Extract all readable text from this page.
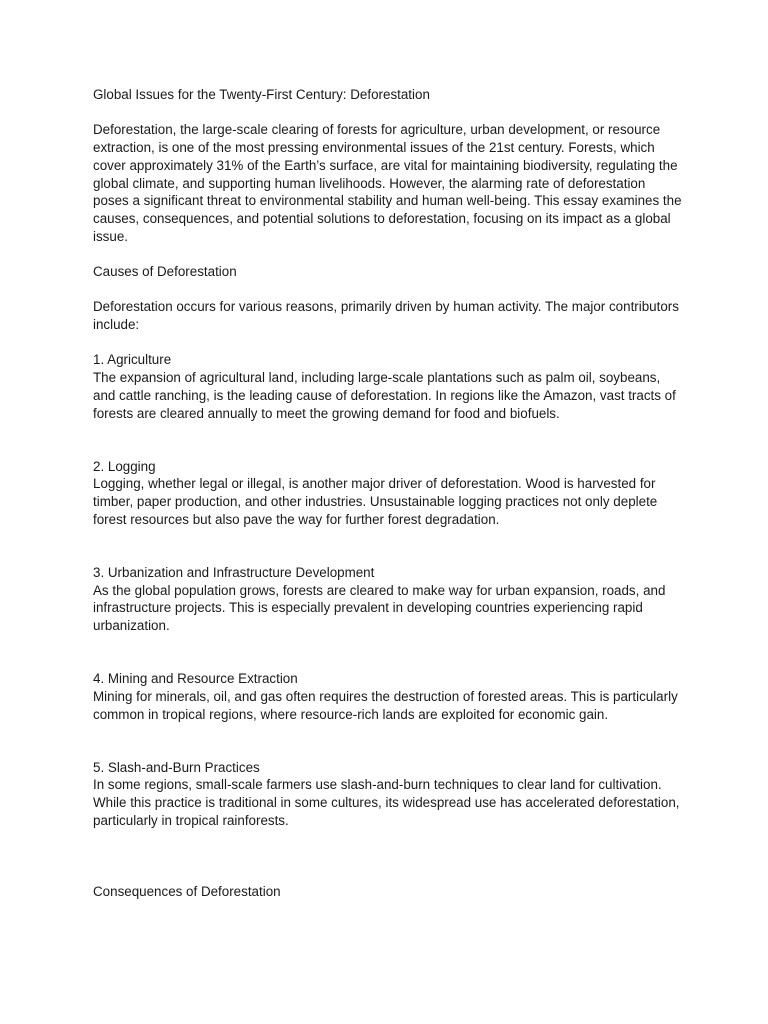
Global Issues for the Twenty-First Century: Deforestation

Deforestation, the large-scale clearing of forests for agriculture, urban development, or resource extraction, is one of the most pressing environmental issues of the 21st century. Forests, which cover approximately 31% of the Earth’s surface, are vital for maintaining biodiversity, regulating the global climate, and supporting human livelihoods. However, the alarming rate of deforestation poses a significant threat to environmental stability and human well-being. This essay examines the causes, consequences, and potential solutions to deforestation, focusing on its impact as a global issue.

Causes of Deforestation

Deforestation occurs for various reasons, primarily driven by human activity. The major contributors include:

1. Agriculture

The expansion of agricultural land, including large-scale plantations such as palm oil, soybeans, and cattle ranching, is the leading cause of deforestation. In regions like the Amazon, vast tracts of forests are cleared annually to meet the growing demand for food and biofuels.

2. Logging

Logging, whether legal or illegal, is another major driver of deforestation. Wood is harvested for timber, paper production, and other industries. Unsustainable logging practices not only deplete forest resources but also pave the way for further forest degradation.

3. Urbanization and Infrastructure Development

As the global population grows, forests are cleared to make way for urban expansion, roads, and infrastructure projects. This is especially prevalent in developing countries experiencing rapid urbanization.

4. Mining and Resource Extraction

Mining for minerals, oil, and gas often requires the destruction of forested areas. This is particularly common in tropical regions, where resource-rich lands are exploited for economic gain.

5. Slash-and-Burn Practices

In some regions, small-scale farmers use slash-and-burn techniques to clear land for cultivation. While this practice is traditional in some cultures, its widespread use has accelerated deforestation, particularly in tropical rainforests.

Consequences of Deforestation
